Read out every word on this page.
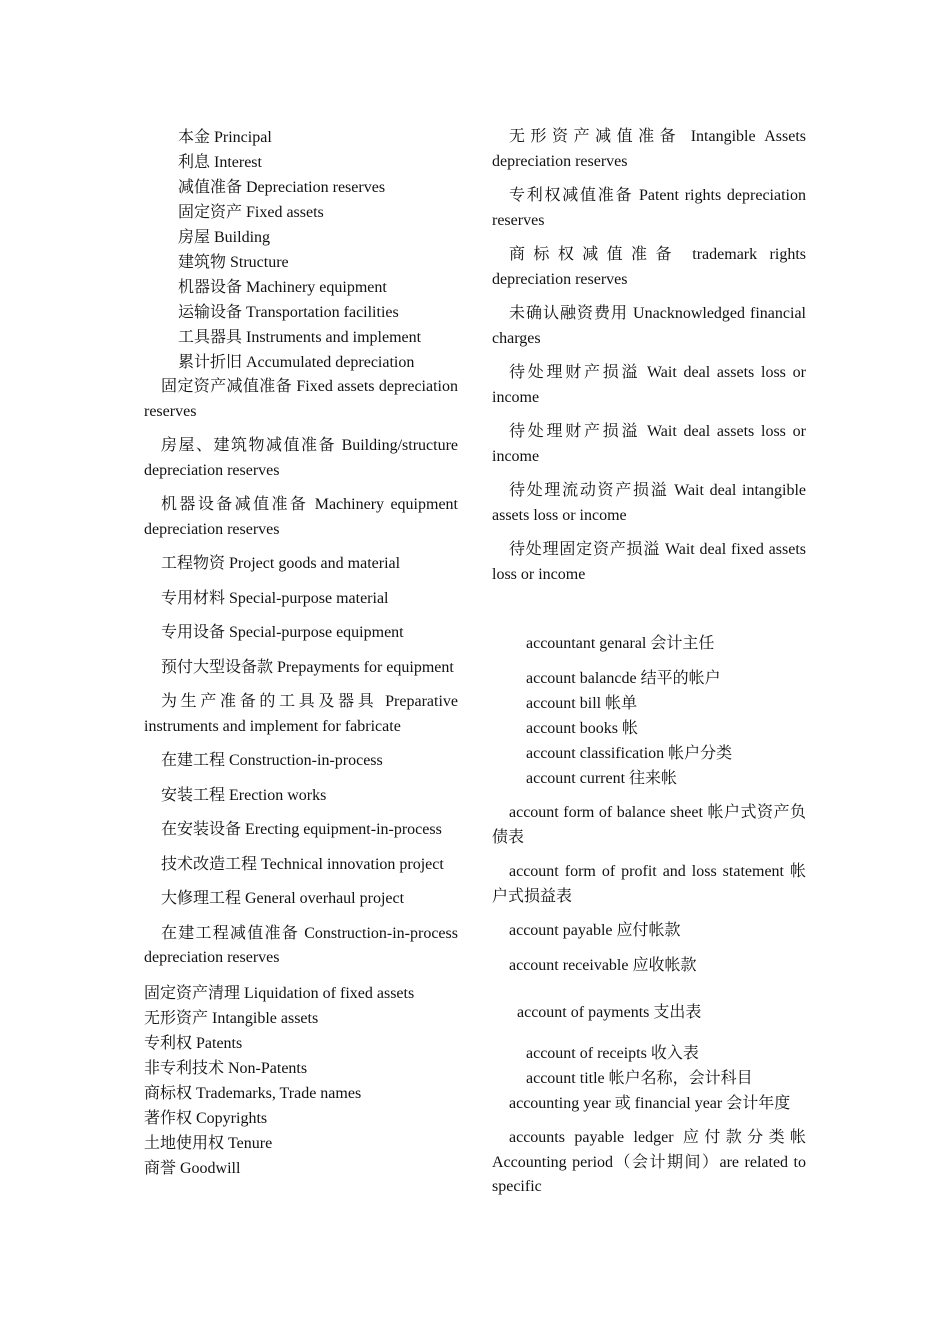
本金 Principal
利息 Interest
减值准备 Depreciation reserves
固定资产 Fixed assets
房屋 Building
建筑物 Structure
机器设备 Machinery equipment
运输设备 Transportation facilities
工具器具 Instruments and implement
累计折旧 Accumulated depreciation
固定资产减值准备 Fixed assets depreciation reserves
房屋、建筑物减值准备 Building/structure depreciation reserves
机器设备减值准备 Machinery equipment depreciation reserves
工程物资 Project goods and material
专用材料 Special-purpose material
专用设备 Special-purpose equipment
预付大型设备款 Prepayments for equipment
为生产准备的工具及器具 Preparative instruments and implement for fabricate
在建工程 Construction-in-process
安装工程 Erection works
在安装设备 Erecting equipment-in-process
技术改造工程 Technical innovation project
大修理工程 General overhaul project
在建工程减值准备 Construction-in-process depreciation reserves
固定资产清理 Liquidation of fixed assets
无形资产 Intangible assets
专利权 Patents
非专利技术 Non-Patents
商标权 Trademarks, Trade names
著作权 Copyrights
土地使用权 Tenure
商誉 Goodwill
无形资产减值准备 Intangible Assets depreciation reserves
专利权减值准备 Patent rights depreciation reserves
商标权减值准备 trademark rights depreciation reserves
未确认融资费用 Unacknowledged financial charges
待处理财产损溢 Wait deal assets loss or income
待处理财产损溢 Wait deal assets loss or income
待处理流动资产损溢 Wait deal intangible assets loss or income
待处理固定资产损溢 Wait deal fixed assets loss or income
accountant genaral 会计主任
account balancde 结平的帐户
account bill 帐单
account books 帐
account classification 帐户分类
account current 往来帐
account form of balance sheet 帐户式资产负债表
account form of profit and loss statement 帐户式损益表
account payable 应付帐款
account receivable 应收帐款
account of payments 支出表
account of receipts 收入表
account title 帐户名称，会计科目
accounting year 或 financial year 会计年度
accounts payable ledger 应付款分类帐 Accounting period（会计期间）are related to specific
